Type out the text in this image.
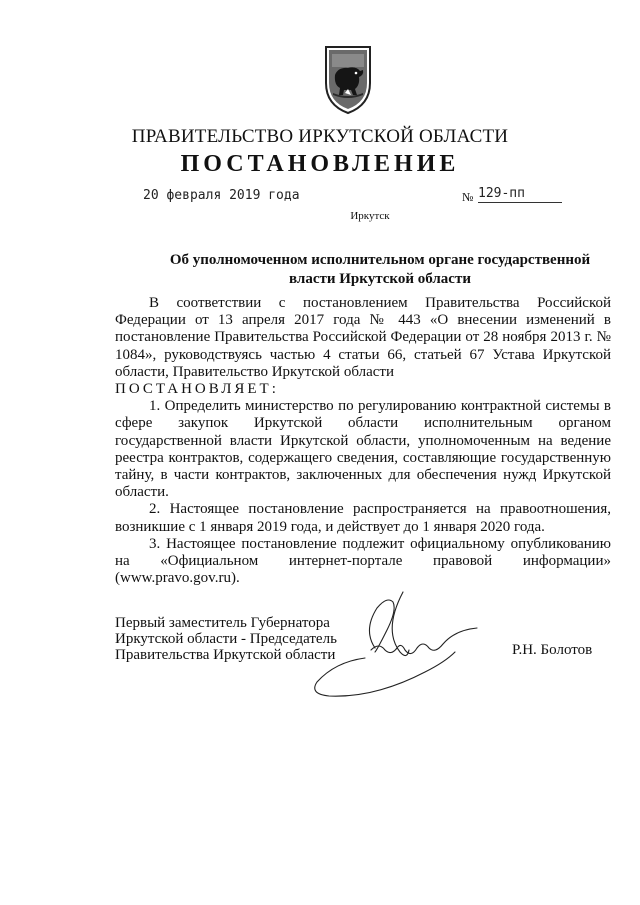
ПРАВИТЕЛЬСТВО ИРКУТСКОЙ ОБЛАСТИ
ПОСТАНОВЛЕНИЕ
20 февраля 2019 года	№ 129-пп
Иркутск
Об уполномоченном исполнительном органе государственной власти Иркутской области

В соответствии с постановлением Правительства Российской Федерации от 13 апреля 2017 года № 443 «О внесении изменений в постановление Правительства Российской Федерации от 28 ноября 2013 г. № 1084», руководствуясь частью 4 статьи 66, статьей 67 Устава Иркутской области, Правительство Иркутской области

ПОСТАНОВЛЯЕТ:

1. Определить министерство по регулированию контрактной системы в сфере закупок Иркутской области исполнительным органом государственной власти Иркутской области, уполномоченным на ведение реестра контрактов, содержащего сведения, составляющие государственную тайну, в части контрактов, заключенных для обеспечения нужд Иркутской области.

2. Настоящее постановление распространяется на правоотношения, возникшие с 1 января 2019 года, и действует до 1 января 2020 года.

3. Настоящее постановление подлежит официальному опубликованию на «Официальном интернет-портале правовой информации» (www.pravo.gov.ru).

Первый заместитель Губернатора
Иркутской области - Председатель
Правительства Иркутской области	Р.Н. Болотов
